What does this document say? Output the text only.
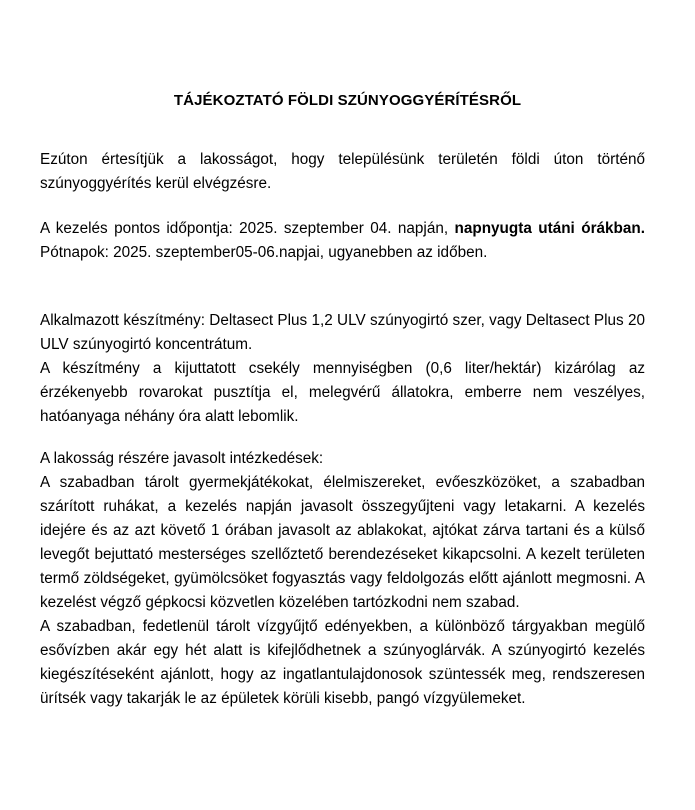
TÁJÉKOZTATÓ FÖLDI SZÚNYOGGYÉRÍTÉSRŐL

Ezúton értesítjük a lakosságot, hogy településünk területén földi úton történő szúnyoggyérítés kerül elvégzésre.

A kezelés pontos időpontja: 2025. szeptember 04. napján, napnyugta utáni órákban. Pótnapok: 2025. szeptember05-06.napjai, ugyanebben az időben.

Alkalmazott készítmény: Deltasect Plus 1,2 ULV szúnyogirtó szer, vagy Deltasect Plus 20 ULV szúnyogirtó koncentrátum.

A készítmény a kijuttatott csekély mennyiségben (0,6 liter/hektár) kizárólag az érzékenyebb rovarokat pusztítja el, melegvérű állatokra, emberre nem veszélyes, hatóanyaga néhány óra alatt lebomlik.

A lakosság részére javasolt intézkedések:

A szabadban tárolt gyermekjátékokat, élelmiszereket, evőeszközöket, a szabadban szárított ruhákat, a kezelés napján javasolt összegyűjteni vagy letakarni. A kezelés idejére és az azt követő 1 órában javasolt az ablakokat, ajtókat zárva tartani és a külső levegőt bejuttató mesterséges szellőztető berendezéseket kikapcsolni. A kezelt területen termő zöldségeket, gyümölcsöket fogyasztás vagy feldolgozás előtt ajánlott megmosni. A kezelést végző gépkocsi közvetlen közelében tartózkodni nem szabad.

A szabadban, fedetlenül tárolt vízgyűjtő edényekben, a különböző tárgyakban megülő esővízben akár egy hét alatt is kifejlődhetnek a szúnyoglárvák. A szúnyogirtó kezelés kiegészítéseként ajánlott, hogy az ingatlantulajdonosok szüntessék meg, rendszeresen ürítsék vagy takarják le az épületek körüli kisebb, pangó vízgyülemeket.
